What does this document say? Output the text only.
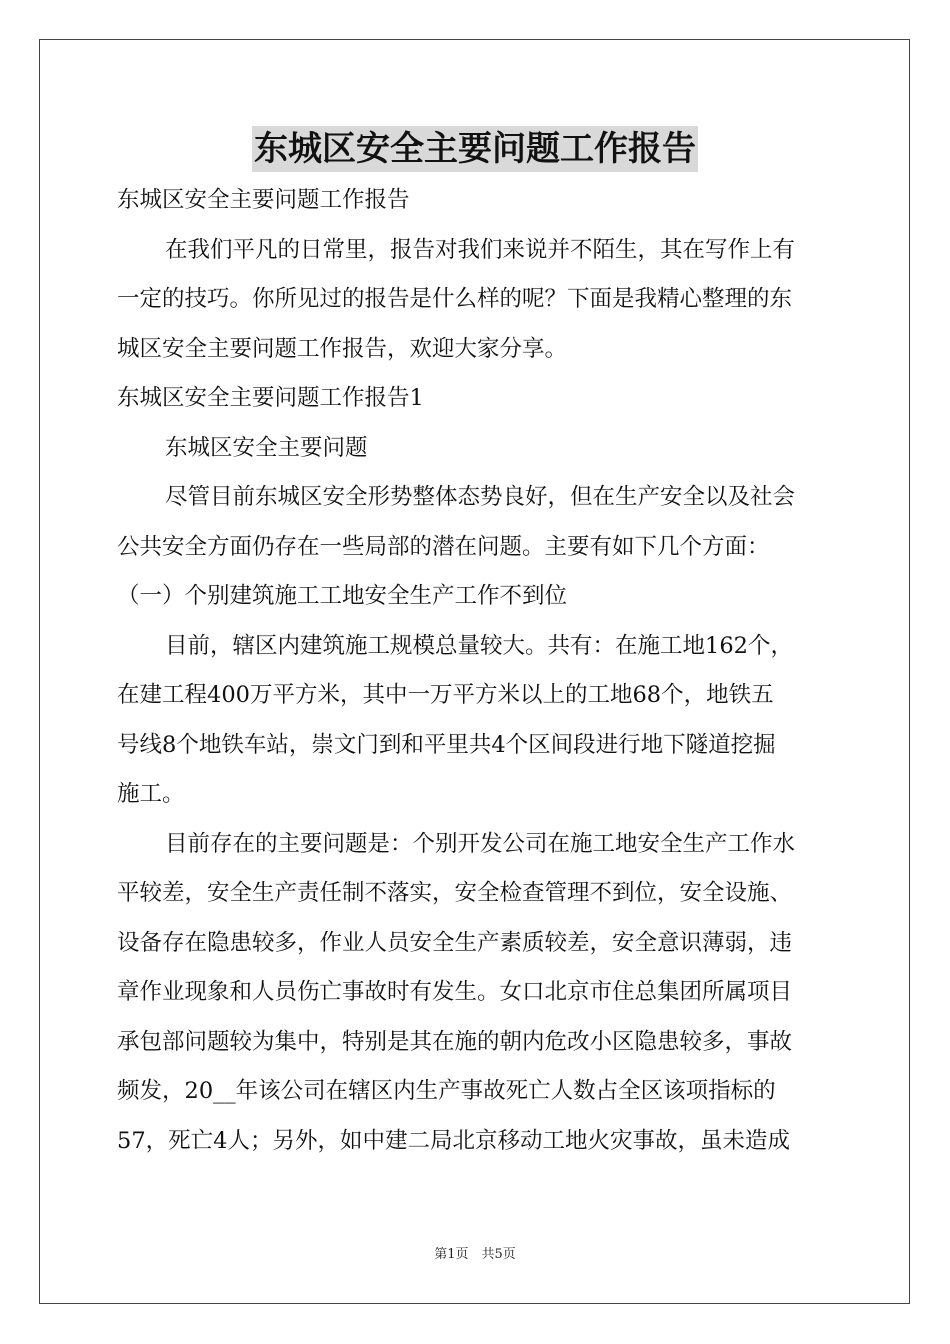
东城区安全主要问题工作报告

东城区安全主要问题工作报告

在我们平凡的日常里，报告对我们来说并不陌生，其在写作上有

一定的技巧。你所见过的报告是什么样的呢？下面是我精心整理的东

城区安全主要问题工作报告，欢迎大家分享。

东城区安全主要问题工作报告1

东城区安全主要问题

尽管目前东城区安全形势整体态势良好，但在生产安全以及社会

公共安全方面仍存在一些局部的潜在问题。主要有如下几个方面：

（一）个别建筑施工工地安全生产工作不到位

目前，辖区内建筑施工规模总量较大。共有：在施工地162个，

在建工程400万平方米，其中一万平方米以上的工地68个，地铁五

号线8个地铁车站，崇文门到和平里共4个区间段进行地下隧道挖掘

施工。

目前存在的主要问题是：个别开发公司在施工地安全生产工作水

平较差，安全生产责任制不落实，安全检查管理不到位，安全设施、

设备存在隐患较多，作业人员安全生产素质较差，安全意识薄弱，违

章作业现象和人员伤亡事故时有发生。女口北京市住总集团所属项目

承包部问题较为集中，特别是其在施的朝内危改小区隐患较多，事故

频发，20__年该公司在辖区内生产事故死亡人数占全区该项指标的

57，死亡4人；另外，如中建二局北京移动工地火灾事故，虽未造成

第1页　共5页
